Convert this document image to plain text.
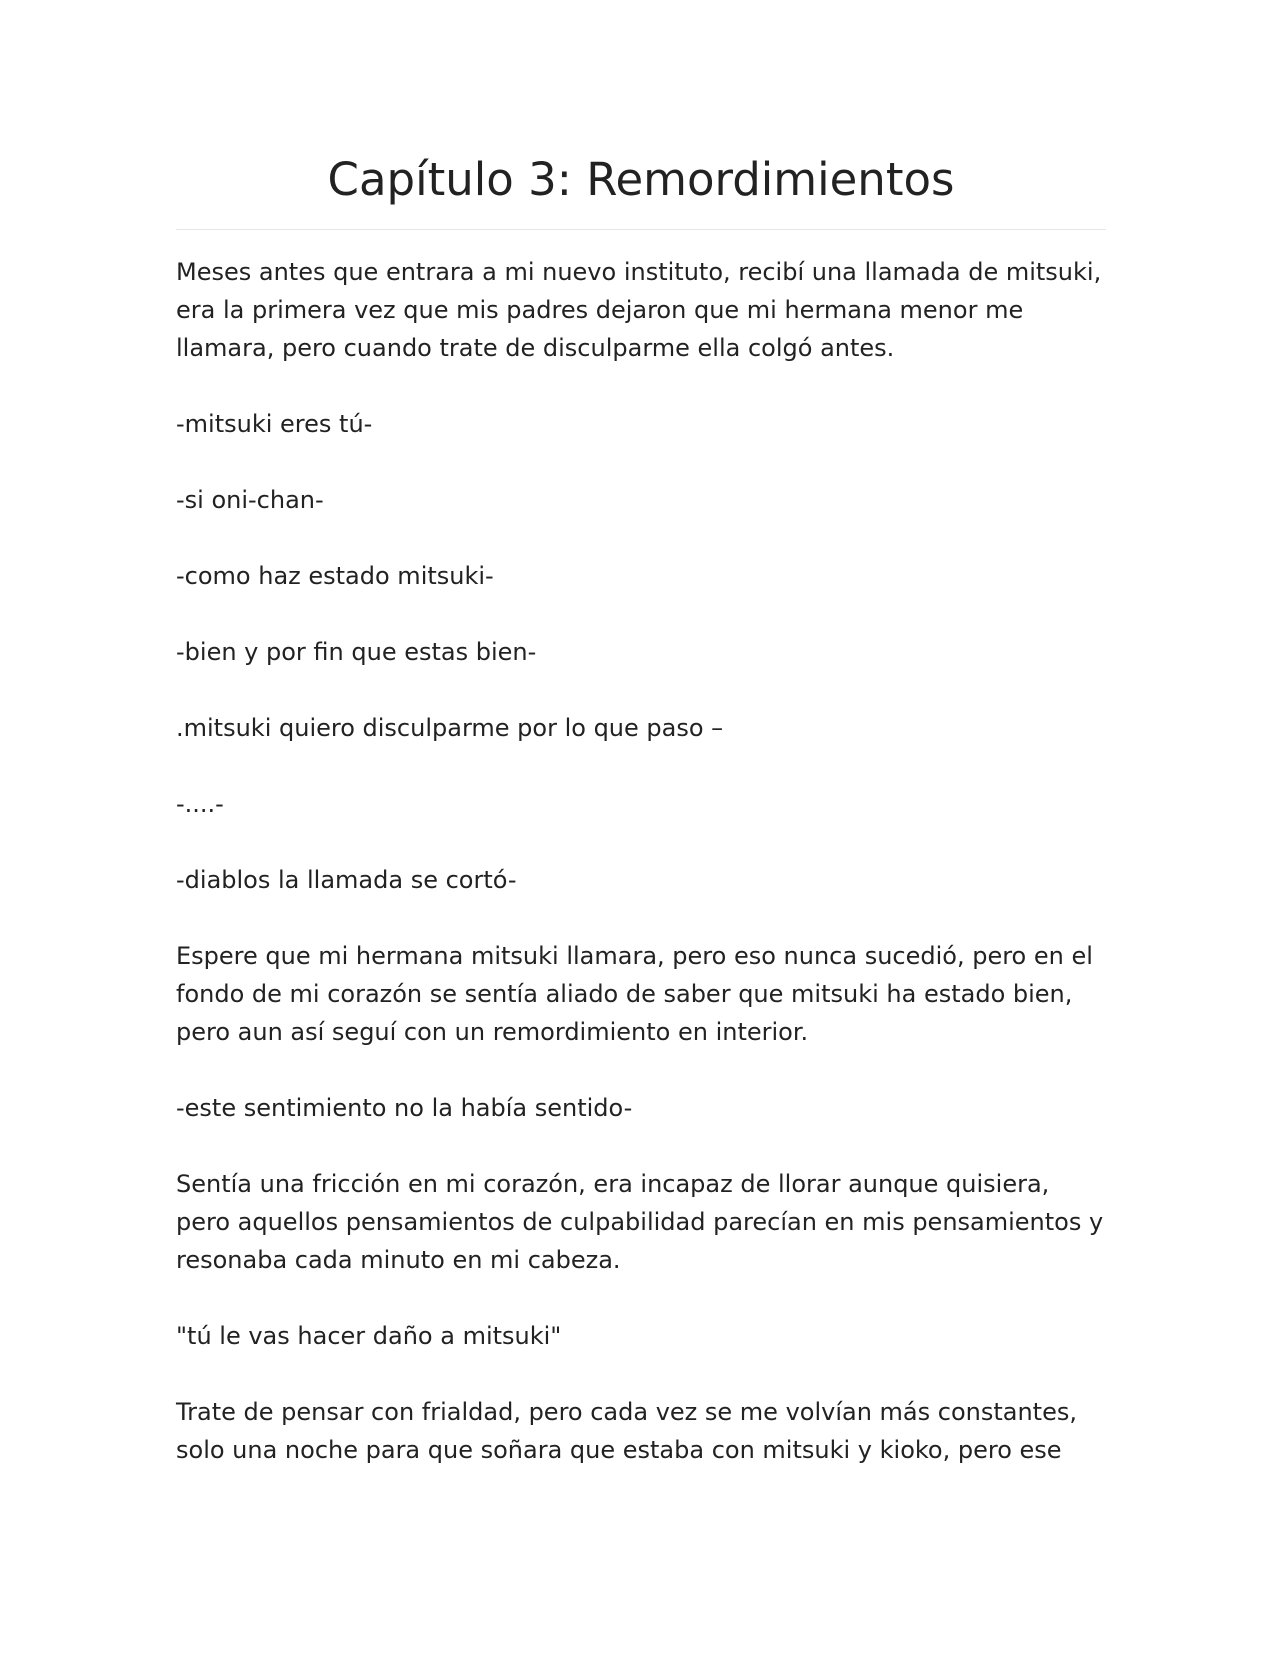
Capítulo 3: Remordimientos

Meses antes que entrara a mi nuevo instituto, recibí una llamada de mitsuki, era la primera vez que mis padres dejaron que mi hermana menor me llamara, pero cuando trate de disculparme ella colgó antes.

-mitsuki eres tú-

-si oni-chan-

-como haz estado mitsuki-

-bien y por fin que estas bien-

.mitsuki quiero disculparme por lo que paso –

-....-

-diablos la llamada se cortó-

Espere que mi hermana mitsuki llamara, pero eso nunca sucedió, pero en el fondo de mi corazón se sentía aliado de saber que mitsuki ha estado bien, pero aun así seguí con un remordimiento en interior.

-este sentimiento no la había sentido-

Sentía una fricción en mi corazón, era incapaz de llorar aunque quisiera, pero aquellos pensamientos de culpabilidad parecían en mis pensamientos y resonaba cada minuto en mi cabeza.

"tú le vas hacer daño a mitsuki"

Trate de pensar con frialdad, pero cada vez se me volvían más constantes, solo una noche para que soñara que estaba con mitsuki y kioko, pero ese
